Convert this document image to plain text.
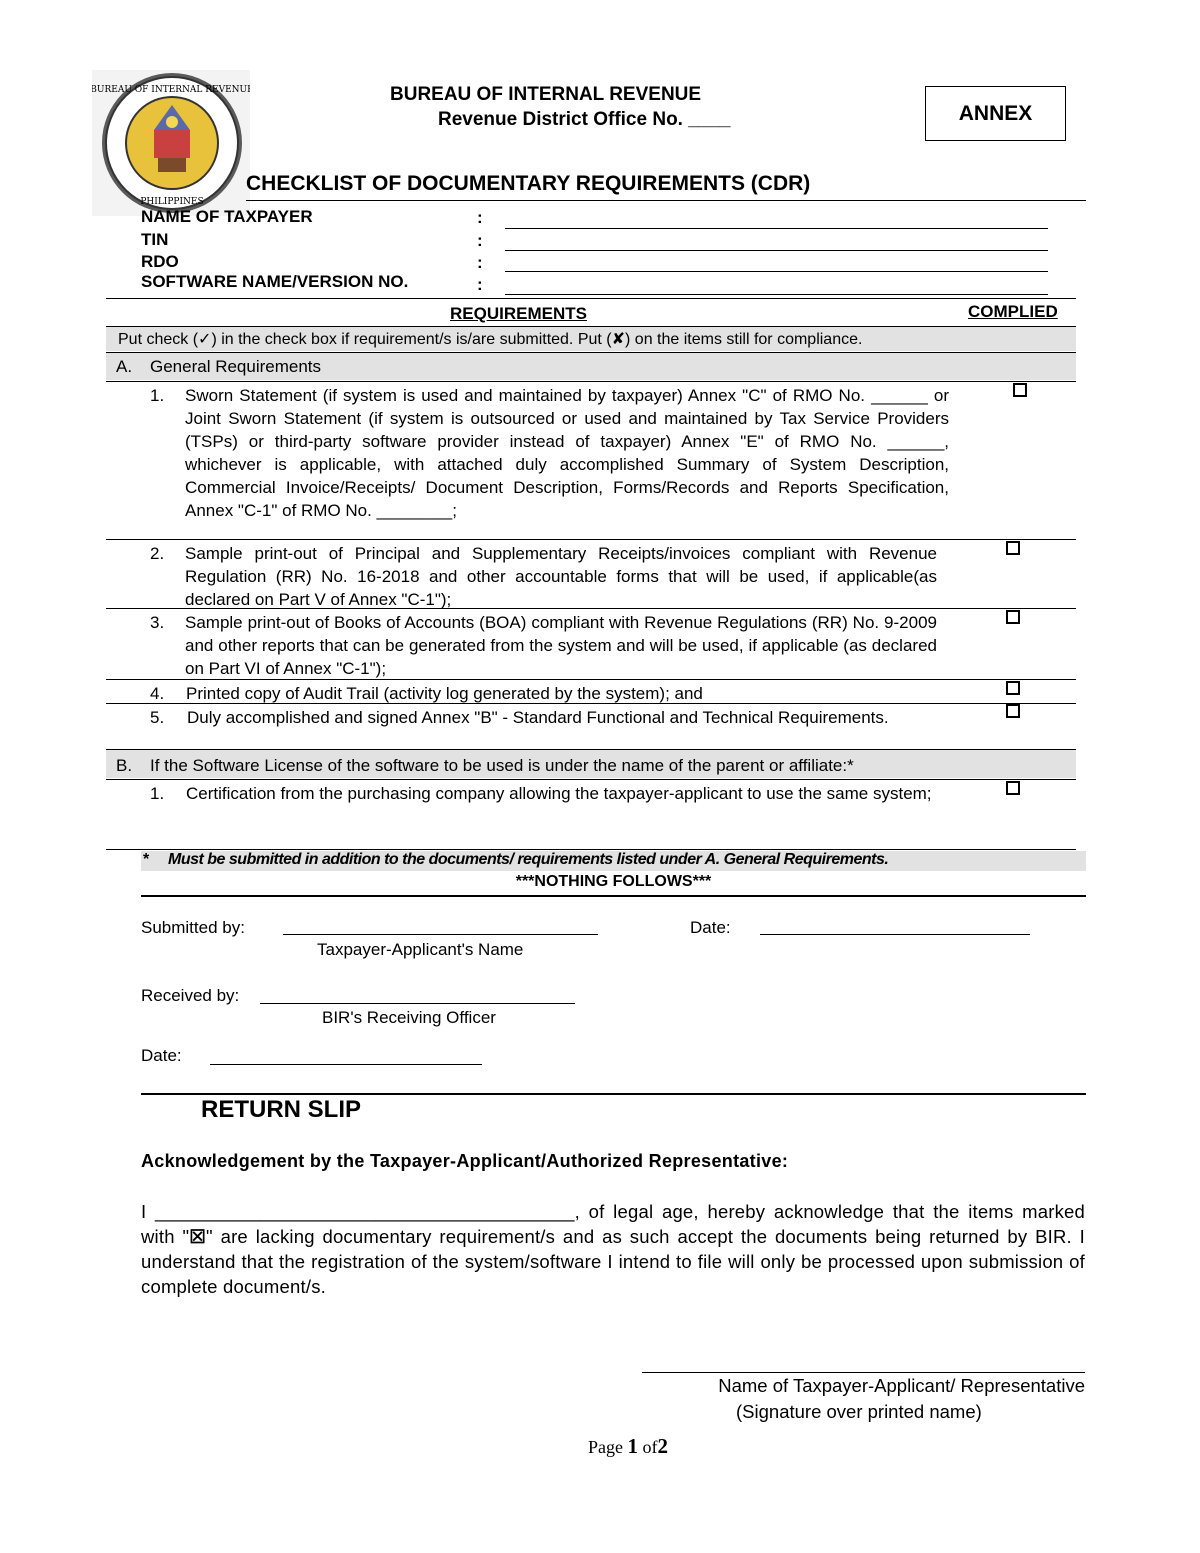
BUREAU OF INTERNAL REVENUE
PHILIPPINES
BUREAU OF INTERNAL REVENUE
Revenue District Office No. ____	ANNEX
CHECKLIST OF DOCUMENTARY REQUIREMENTS (CDR)
NAME OF TAXPAYER
TIN
RDO
SOFTWARE NAME/VERSION NO.
:
:
:
:
REQUIREMENTS	COMPLIED
Put check (✓) in the check box if requirement/s is/are submitted. Put (✘) on the items still for compliance.
A. General Requirements
1. Sworn Statement (if system is used and maintained by taxpayer) Annex "C" of RMO No. ______ or Joint Sworn Statement (if system is outsourced or used and maintained by Tax Service Providers (TSPs) or third-party software provider instead of taxpayer) Annex "E" of RMO No. ______, whichever is applicable, with attached duly accomplished Summary of System Description, Commercial Invoice/Receipts/ Document Description, Forms/Records and Reports Specification, Annex "C-1" of RMO No. ________;
2. Sample print-out of Principal and Supplementary Receipts/invoices compliant with Revenue Regulation (RR) No. 16-2018 and other accountable forms that will be used, if applicable(as declared on Part V of Annex "C-1");
3. Sample print-out of Books of Accounts (BOA) compliant with Revenue Regulations (RR) No. 9-2009 and other reports that can be generated from the system and will be used, if applicable (as declared on Part VI of Annex "C-1");
4. Printed copy of Audit Trail (activity log generated by the system); and
5. Duly accomplished and signed Annex "B" - Standard Functional and Technical Requirements.
B. If the Software License of the software to be used is under the name of the parent or affiliate:*
1. Certification from the purchasing company allowing the taxpayer-applicant to use the same system;
* Must be submitted in addition to the documents/ requirements listed under A. General Requirements.
***NOTHING FOLLOWS***
Submitted by:
Taxpayer-Applicant's Name
Date:
Received by:
BIR's Receiving Officer
Date:
RETURN SLIP
Acknowledgement by the Taxpayer-Applicant/Authorized Representative:
I ________________________________________, of legal age, hereby acknowledge that the items marked with "☒" are lacking documentary requirement/s and as such accept the documents being returned by BIR. I understand that the registration of the system/software I intend to file will only be processed upon submission of complete document/s.
Name of Taxpayer-Applicant/ Representative
(Signature over printed name)
Page 1 of2
